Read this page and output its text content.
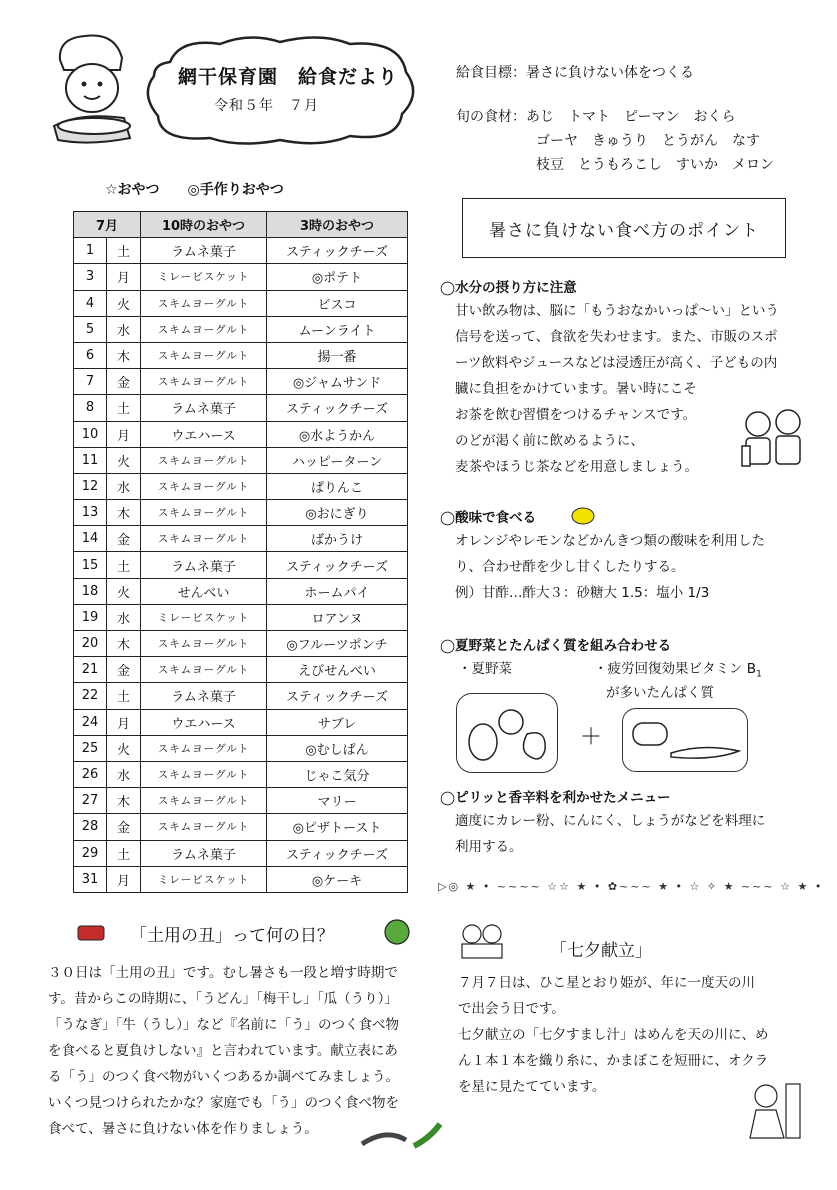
網干保育園　給食だより
令和５年　７月
給食目標：暑さに負けない体をつくる
旬の食材：あじ　トマト　ピーマン　おくら
ゴーヤ　きゅうり　とうがん　なす
枝豆　とうもろこし　すいか　メロン
☆おやつ　　◎手作りおやつ
7月		10時のおやつ	3時のおやつ
1	土	ラムネ菓子	スティックチーズ
3	月	ミレービスケット	◎ポテト
4	火	スキムヨーグルト	ビスコ
5	水	スキムヨーグルト	ムーンライト
6	木	スキムヨーグルト	揚一番
7	金	スキムヨーグルト	◎ジャムサンド
8	土	ラムネ菓子	スティックチーズ
10	月	ウエハース	◎水ようかん
11	火	スキムヨーグルト	ハッピーターン
12	水	スキムヨーグルト	ぱりんこ
13	木	スキムヨーグルト	◎おにぎり
14	金	スキムヨーグルト	ばかうけ
15	土	ラムネ菓子	スティックチーズ
18	火	せんべい	ホームパイ
19	水	ミレービスケット	ロアンヌ
20	木	スキムヨーグルト	◎フルーツポンチ
21	金	スキムヨーグルト	えびせんべい
22	土	ラムネ菓子	スティックチーズ
24	月	ウエハース	サブレ
25	火	スキムヨーグルト	◎むしぱん
26	水	スキムヨーグルト	じゃこ気分
27	木	スキムヨーグルト	マリー
28	金	スキムヨーグルト	◎ピザトースト
29	土	ラムネ菓子	スティックチーズ
31	月	ミレービスケット	◎ケーキ
暑さに負けない食べ方のポイント
◯水分の摂り方に注意
甘い飲み物は、脳に「もうおなかいっぱ〜い」という
信号を送って、食欲を失わせます。また、市販のスポ
ーツ飲料やジュースなどは浸透圧が高く、子どもの内
臓に負担をかけています。暑い時にこそ
お茶を飲む習慣をつけるチャンスです。
のどが渇く前に飲めるように、
麦茶やほうじ茶などを用意しましょう。
◯酸味で食べる
オレンジやレモンなどかんきつ類の酸味を利用した
り、合わせ酢を少し甘くしたりする。
例）甘酢…酢大３：砂糖大 1.5：塩小 1/3
◯夏野菜とたんぱく質を組み合わせる
・夏野菜	・疲労回復効果ビタミン $B_1$
が多いたんぱく質
＋
◯ピリッと香辛料を利かせたメニュー
適度にカレー粉、にんにく、しょうがなどを料理に
利用する。
▷◎ ★ • ~~~~ ☆☆ ★ • ✿~~~ ★ • ☆ ✧ ★ ~~~ ☆ ★ •
「土用の丑」って何の日？
３０日は「土用の丑」です。むし暑さも一段と増す時期で
す。昔からこの時期に、「うどん」「梅干し」「瓜（うり）」
「うなぎ」「牛（うし）」など『名前に「う」のつく食べ物
を食べると夏負けしない』と言われています。献立表にあ
る「う」のつく食べ物がいくつあるか調べてみましょう。
いくつ見つけられたかな？家庭でも「う」のつく食べ物を
食べて、暑さに負けない体を作りましょう。
「七夕献立」
７月７日は、ひこ星とおり姫が、年に一度天の川
で出会う日です。
七夕献立の「七夕すまし汁」はめんを天の川に、め
ん１本１本を織り糸に、かまぼこを短冊に、オクラ
を星に見たてています。
